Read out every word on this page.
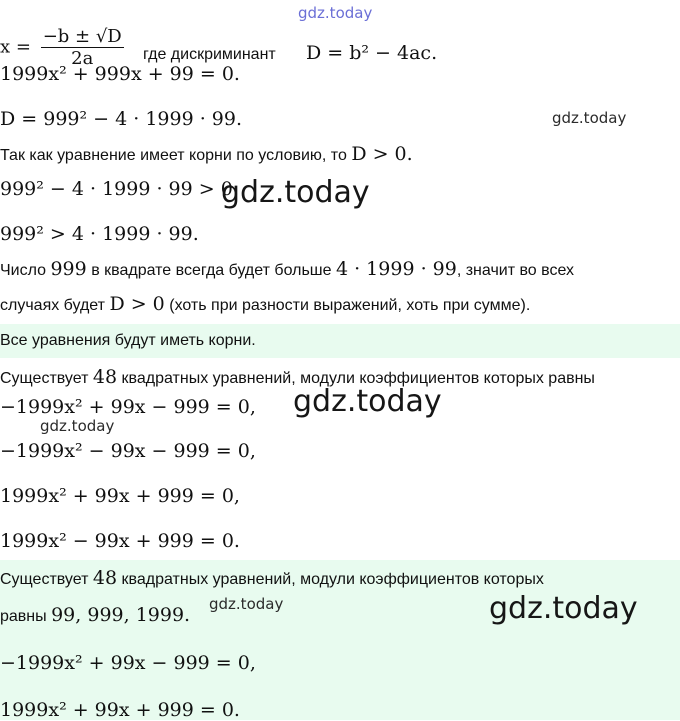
gdz.today
$x = \frac{-b \pm √D}{2a}$ где дискриминант D = b² − 4ac.
1999x² + 999x + 99 = 0.
D = 999² − 4 · 1999 · 99.	gdz.today
Так как уравнение имеет корни по условию, то D > 0.
999² − 4 · 1999 · 99 > 0.
gdz.today
999² > 4 · 1999 · 99.
Число 999 в квадрате всегда будет больше 4 · 1999 · 99, значит во всех
случаях будет D > 0 (хоть при разности выражений, хоть при сумме).
Все уравнения будут иметь корни.
Существует 48 квадратных уравнений, модули коэффициентов которых равны
−1999x² + 99x − 999 = 0, gdz.today
gdz.today
−1999x² − 99x − 999 = 0,
1999x² + 99x + 999 = 0,
1999x² − 99x + 999 = 0.
Существует 48 квадратных уравнений, модули коэффициентов которых
равны 99, 999, 1999. gdz.today	gdz.today
−1999x² + 99x − 999 = 0,
1999x² + 99x + 999 = 0.
